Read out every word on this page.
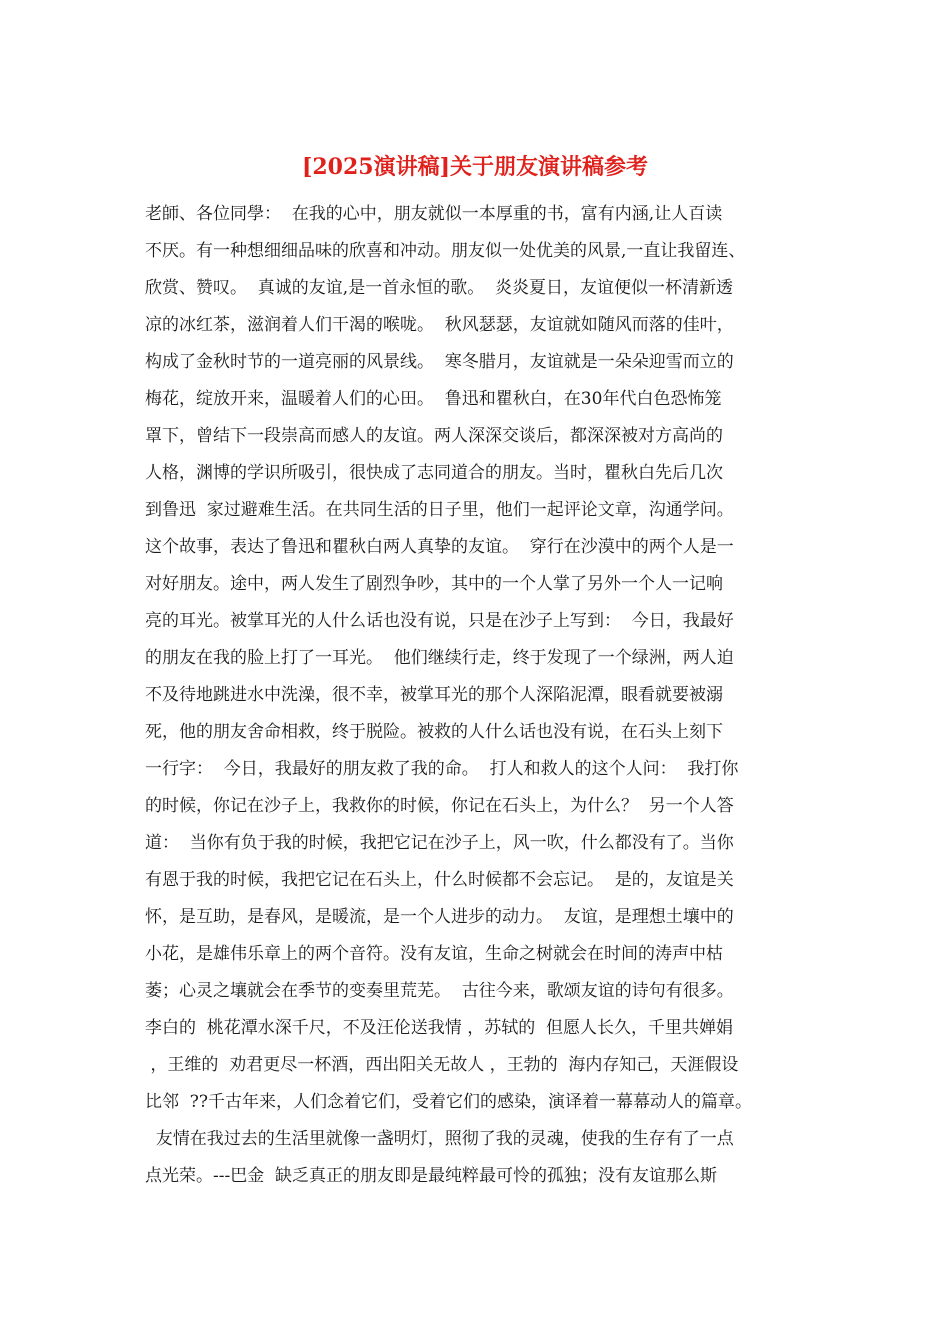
[2025演讲稿]关于朋友演讲稿参考
老師、各位同學：  在我的心中，朋友就似一本厚重的书，富有内涵,让人百读
不厌。有一种想细细品味的欣喜和冲动。朋友似一处优美的风景,一直让我留连、
欣赏、赞叹。  真诚的友谊,是一首永恒的歌。  炎炎夏日，友谊便似一杯清新透
凉的冰红茶，滋润着人们干渴的喉咙。  秋风瑟瑟，友谊就如随风而落的佳叶，
构成了金秋时节的一道亮丽的风景线。  寒冬腊月，友谊就是一朵朵迎雪而立的
梅花，绽放开来，温暖着人们的心田。  鲁迅和瞿秋白，在30年代白色恐怖笼
罩下，曾结下一段崇高而感人的友谊。两人深深交谈后，都深深被对方高尚的
人格，渊博的学识所吸引，很快成了志同道合的朋友。当时，瞿秋白先后几次
到鲁迅  家过避难生活。在共同生活的日子里，他们一起评论文章，沟通学问。
这个故事，表达了鲁迅和瞿秋白两人真挚的友谊。  穿行在沙漠中的两个人是一
对好朋友。途中，两人发生了剧烈争吵，其中的一个人掌了另外一个人一记响
亮的耳光。被掌耳光的人什么话也没有说，只是在沙子上写到：  今日，我最好
的朋友在我的脸上打了一耳光。  他们继续行走，终于发现了一个绿洲，两人迫
不及待地跳进水中洗澡，很不幸，被掌耳光的那个人深陷泥潭，眼看就要被溺
死，他的朋友舍命相救，终于脱险。被救的人什么话也没有说，在石头上刻下
一行字：  今日，我最好的朋友救了我的命。  打人和救人的这个人问：  我打你
的时候，你记在沙子上，我救你的时候，你记在石头上，为什么？  另一个人答
道：  当你有负于我的时候，我把它记在沙子上，风一吹，什么都没有了。当你
有恩于我的时候，我把它记在石头上，什么时候都不会忘记。  是的，友谊是关
怀，是互助，是春风，是暖流，是一个人进步的动力。  友谊，是理想土壤中的
小花，是雄伟乐章上的两个音符。没有友谊，生命之树就会在时间的涛声中枯
萎；心灵之壤就会在季节的变奏里荒芜。  古往今来，歌颂友谊的诗句有很多。
李白的  桃花潭水深千尺，不及汪伦送我情 ，苏轼的  但愿人长久，千里共婵娟
，王维的  劝君更尽一杯酒，西出阳关无故人 ，王勃的  海内存知己，天涯假设
比邻  ??千古年来，人们念着它们，受着它们的感染，演译着一幕幕动人的篇章。
友情在我过去的生活里就像一盏明灯，照彻了我的灵魂，使我的生存有了一点
点光荣。---巴金  缺乏真正的朋友即是最纯粹最可怜的孤独；没有友谊那么斯
